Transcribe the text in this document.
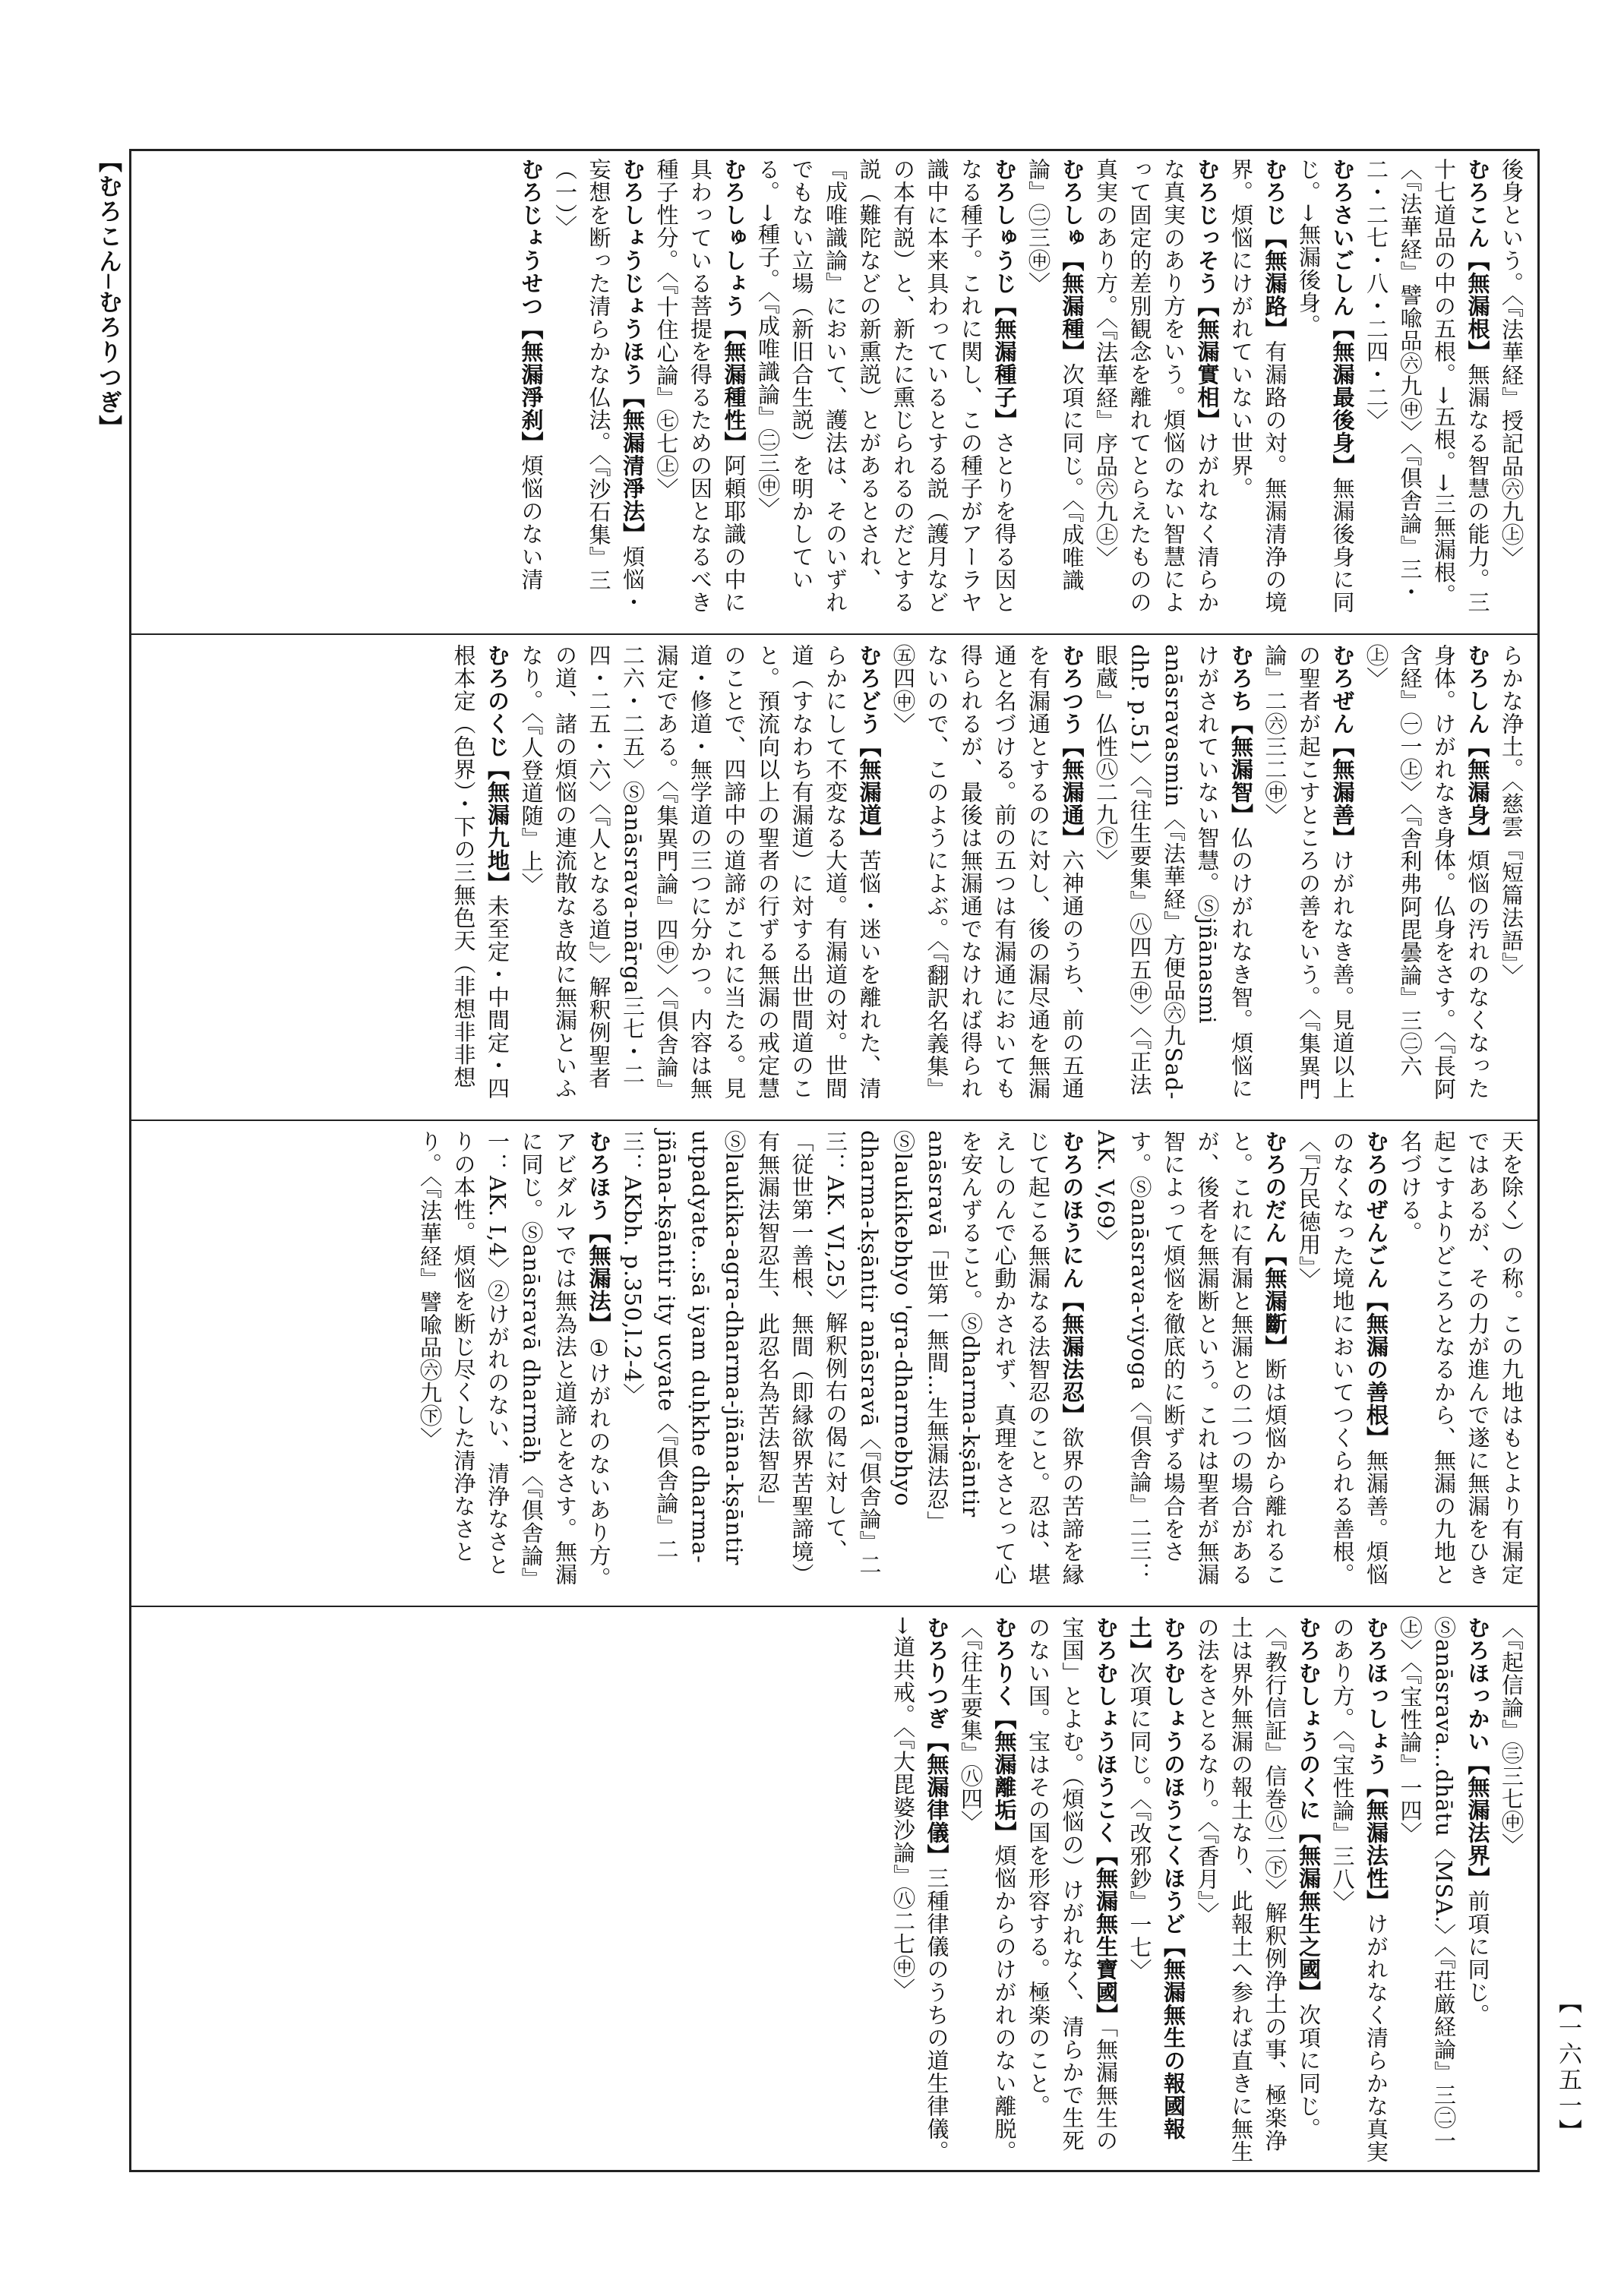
【むろこん─むろりつぎ】
【一六五一】

後身という。〈『法華経』授記品㊅九㊤〉

むろこん【無漏根】無漏なる智慧の能力。三十七道品の中の五根。→五根。→三無漏根。〈『法華経』譬喩品㊅九㊥〉〈『倶舎論』三・二・二七・八・二四・二〉

むろさいごしん【無漏最後身】無漏後身に同じ。→無漏後身。

むろじ【無漏路】有漏路の対。無漏清浄の境界。煩悩にけがれていない世界。

むろじっそう【無漏實相】けがれなく清らかな真実のあり方をいう。煩悩のない智慧によって固定的差別観念を離れてとらえたものの真実のあり方。〈『法華経』序品㊅九㊤〉

むろしゅ【無漏種】次項に同じ。〈『成唯識論』㊁三㊥〉

むろしゅうじ【無漏種子】さとりを得る因となる種子。これに関し、この種子がアーラヤ識中に本来具わっているとする説（護月などの本有説）と、新たに熏じられるのだとする説（難陀などの新熏説）とがあるとされ、『成唯識論』において、護法は、そのいずれでもない立場（新旧合生説）を明かしている。→種子。〈『成唯識論』㊁三㊥〉

むろしゅしょう【無漏種性】阿頼耶識の中に具わっている菩提を得るための因となるべき種子性分。〈『十住心論』㊆七㊤〉

むろしょうじょうほう【無漏清淨法】煩悩・妄想を断った清らかな仏法。〈『沙石集』三（一）〉

むろじょうせつ【無漏淨刹】煩悩のない清

らかな浄土。〈慈雲『短篇法語』〉

むろしん【無漏身】煩悩の汚れのなくなった身体。けがれなき身体。仏身をさす。〈『長阿含経』㊀一㊤〉〈『舎利弗阿毘曇論』三㊁六㊤〉

むろぜん【無漏善】けがれなき善。見道以上の聖者が起こすところの善をいう。〈『集異門論』二㊅三二㊥〉

むろち【無漏智】仏のけがれなき智。煩悩にけがされていない智慧。Ⓢjñānasmi anāsravasmin〈『法華経』方便品㊅九Sad-dhP. p.51〉〈『往生要集』㊇四五㊥〉〈『正法眼蔵』仏性㊇二九㊦〉

むろつう【無漏通】六神通のうち、前の五通を有漏通とするのに対し、後の漏尽通を無漏通と名づける。前の五つは有漏通においても得られるが、最後は無漏通でなければ得られないので、このようによぶ。〈『翻訳名義集』㊄四㊥〉

むろどう【無漏道】苦悩・迷いを離れた、清らかにして不変なる大道。有漏道の対。世間道（すなわち有漏道）に対する出世間道のこと。預流向以上の聖者の行ずる無漏の戒定慧のことで、四諦中の道諦がこれに当たる。見道・修道・無学道の三つに分かつ。内容は無漏定である。〈『集異門論』四㊥〉〈『倶舎論』二六・二五〉Ⓢanāsrava-mārga三七・二四・二五・六〉〈『人となる道』〉解釈例聖者の道、諸の煩悩の連流散なき故に無漏といふなり。〈『人登道随』上〉

むろのくじ【無漏九地】未至定・中間定・四根本定（色界）・下の三無色天（非想非非想

天を除く）の称。この九地はもとより有漏定ではあるが、その力が進んで遂に無漏をひき起こすよりどころとなるから、無漏の九地と名づける。

むろのぜんごん【無漏の善根】無漏善。煩悩のなくなった境地においてつくられる善根。〈『万民徳用』〉

むろのだん【無漏斷】断は煩悩から離れること。これに有漏と無漏との二つの場合があるが、後者を無漏断という。これは聖者が無漏智によって煩悩を徹底的に断ずる場合をさす。Ⓢanāsrava-viyoga〈『倶舎論』二三：AK. V,69〉

むろのほうにん【無漏法忍】欲界の苦諦を縁じて起こる無漏なる法智忍のこと。忍は、堪えしのんで心動かされず、真理をさとって心を安んずること。Ⓢdharma-kṣāntir anāsravā「世第一無間…生無漏法忍」Ⓢlaukikebhyo 'gra-dharmebhyo dharma-kṣāntir anāsravā〈『倶舎論』二三：AK. VI,25〉解釈例右の偈に対して、「従世第一善根、無間（即縁欲界苦聖諦境）有無漏法智忍生、此忍名為苦法智忍」Ⓢlaukika-agra-dharma-jñāna-kṣāntir utpadyate…sā iyam duḥkhe dharma-jñāna-kṣāntir ity ucyate〈『倶舎論』二三：AKbh. p.350,l.2-4〉

むろほう【無漏法】①けがれのないあり方。アビダルマでは無為法と道諦とをさす。無漏に同じ。Ⓢanāsravā dharmāḥ〈『倶舎論』一：AK. I,4〉②けがれのない、清浄なさとりの本性。煩悩を断じ尽くした清浄なさとり。〈『法華経』譬喩品㊅九㊦〉

〈『起信論』㊂三七㊥〉

むろほっかい【無漏法界】前項に同じ。Ⓢanāsrava…dhātu〈MSA.〉〈『荘厳経論』三㊁一㊤〉〈『宝性論』一四〉

むろほっしょう【無漏法性】けがれなく清らかな真実のあり方。〈『宝性論』三八〉

むろむしょうのくに【無漏無生之國】次項に同じ。〈『教行信証』信巻㊇二㊦〉解釈例浄土の事、極楽浄土は界外無漏の報土なり、此報土へ参れば直きに無生の法をさとるなり。〈『香月』〉

むろむしょうのほうこくほうど【無漏無生の報國報土】次項に同じ。〈『改邪鈔』一七〉

むろむしょうほうこく【無漏無生寶國】「無漏無生の宝国」とよむ。（煩悩の）けがれなく、清らかで生死のない国。宝はその国を形容する。極楽のこと。

むろりく【無漏離垢】煩悩からのけがれのない離脱。〈『往生要集』㊇四〉

むろりつぎ【無漏律儀】三種律儀のうちの道生律儀。→道共戒。〈『大毘婆沙論』㊇二七㊥〉
